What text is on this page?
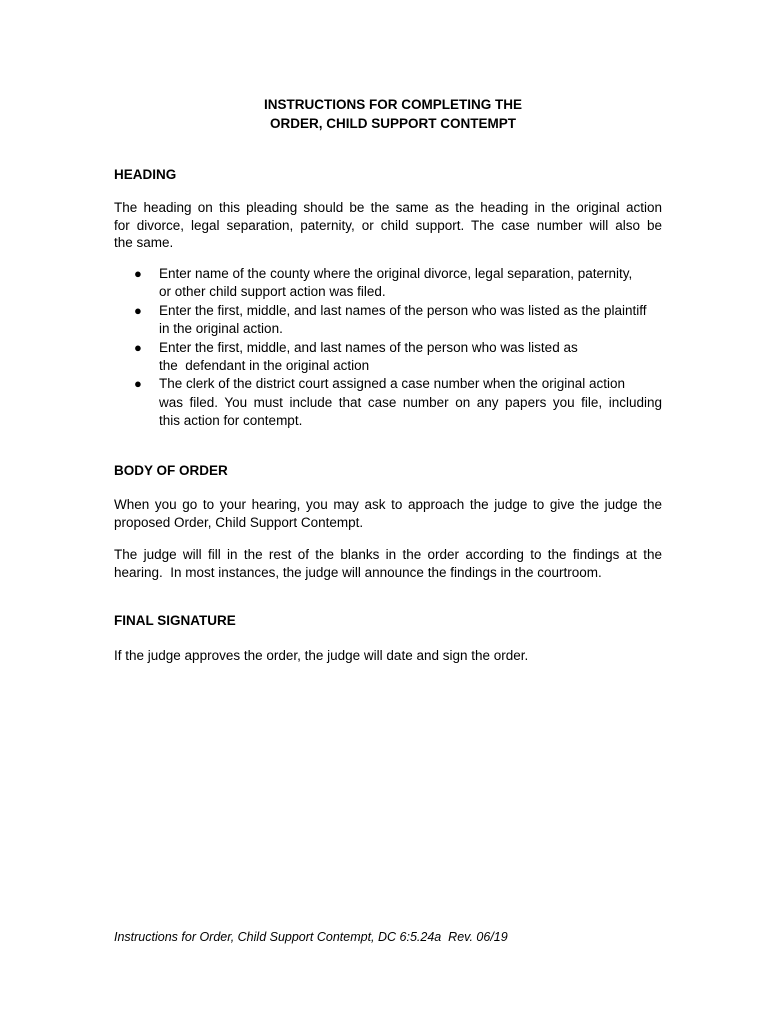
INSTRUCTIONS FOR COMPLETING THE
ORDER, CHILD SUPPORT CONTEMPT
HEADING
The heading on this pleading should be the same as the heading in the original action
for divorce, legal separation, paternity, or child support. The case number will also be
the same.
● Enter name of the county where the original divorce, legal separation, paternity,
or other child support action was filed.
● Enter the first, middle, and last names of the person who was listed as the plaintiff
in the original action.
● Enter the first, middle, and last names of the person who was listed as
the  defendant in the original action
● The clerk of the district court assigned a case number when the original action
was filed. You must include that case number on any papers you file, including
this action for contempt.
BODY OF ORDER
When you go to your hearing, you may ask to approach the judge to give the judge the
proposed Order, Child Support Contempt.
The judge will fill in the rest of the blanks in the order according to the findings at the
hearing.  In most instances, the judge will announce the findings in the courtroom.
FINAL SIGNATURE
If the judge approves the order, the judge will date and sign the order.
Instructions for Order, Child Support Contempt, DC 6:5.24a  Rev. 06/19
